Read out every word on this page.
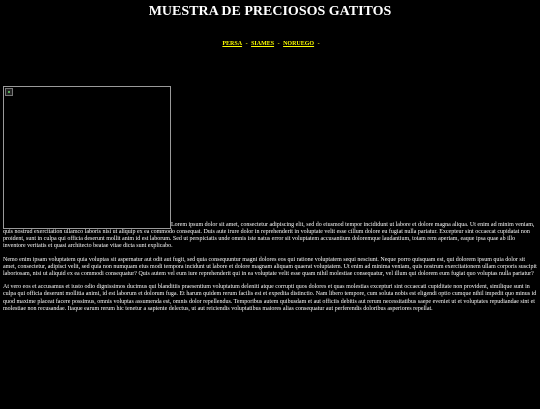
MUESTRA DE PRECIOSOS GATITOS
PERSA - SIAMES - NORUEGO -

Lorem ipsum dolor sit amet, consectetur adipiscing elit, sed do eiusmod tempor incididunt ut labore et dolore magna aliqua. Ut enim ad minim veniam, quis nostrud exercitation ullamco laboris nisi ut aliquip ex ea commodo consequat. Duis aute irure dolor in reprehenderit in voluptate velit esse cillum dolore eu fugiat nulla pariatur. Excepteur sint occaecat cupidatat non proident, sunt in culpa qui officia deserunt mollit anim id est laborum. Sed ut perspiciatis unde omnis iste natus error sit voluptatem accusantium doloremque laudantium, totam rem aperiam, eaque ipsa quae ab illo inventore veritatis et quasi architecto beatae vitae dicta sunt explicabo.

Nemo enim ipsam voluptatem quia voluptas sit aspernatur aut odit aut fugit, sed quia consequuntur magni dolores eos qui ratione voluptatem sequi nesciunt. Neque porro quisquam est, qui dolorem ipsum quia dolor sit amet, consectetur, adipisci velit, sed quia non numquam eius modi tempora incidunt ut labore et dolore magnam aliquam quaerat voluptatem. Ut enim ad minima veniam, quis nostrum exercitationem ullam corporis suscipit laboriosam, nisi ut aliquid ex ea commodi consequatur? Quis autem vel eum iure reprehenderit qui in ea voluptate velit esse quam nihil molestiae consequatur, vel illum qui dolorem eum fugiat quo voluptas nulla pariatur?

At vero eos et accusamus et iusto odio dignissimos ducimus qui blanditiis praesentium voluptatum deleniti atque corrupti quos dolores et quas molestias excepturi sint occaecati cupiditate non provident, similique sunt in culpa qui officia deserunt mollitia animi, id est laborum et dolorum fuga. Et harum quidem rerum facilis est et expedita distinctio. Nam libero tempore, cum soluta nobis est eligendi optio cumque nihil impedit quo minus id quod maxime placeat facere possimus, omnis voluptas assumenda est, omnis dolor repellendus. Temporibus autem quibusdam et aut officiis debitis aut rerum necessitatibus saepe eveniet ut et voluptates repudiandae sint et molestiae non recusandae. Itaque earum rerum hic tenetur a sapiente delectus, ut aut reiciendis voluptatibus maiores alias consequatur aut perferendis doloribus asperiores repellat.
